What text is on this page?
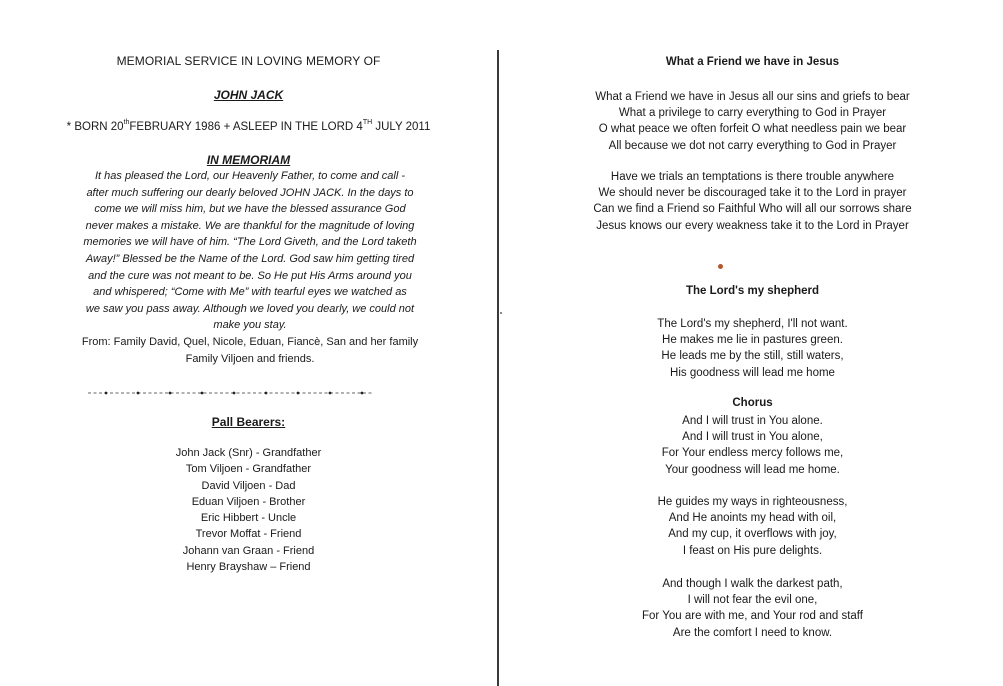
MEMORIAL SERVICE IN LOVING MEMORY OF
JOHN JACK
* BORN 20thFEBRUARY 1986 + ASLEEP IN THE LORD 4TH JULY 2011
IN MEMORIAM

It has pleased the Lord, our Heavenly Father, to come and call -

after much suffering our dearly beloved JOHN JACK. In the days to

come we will miss him, but we have the blessed assurance God

never makes a mistake. We are thankful for the magnitude of loving

memories we will have of him. “The Lord Giveth, and the Lord taketh

Away!” Blessed be the Name of the Lord. God saw him getting tired

and the cure was not meant to be. So He put His Arms around you

and whispered; “Come with Me” with tearful eyes we watched as

we saw you pass away. Although we loved you dearly, we could not

make you stay.

From: Family David, Quel, Nicole, Eduan, Fiancè, San and her family

Family Viljoen and friends.

Pall Bearers:
John Jack (Snr) - Grandfather
Tom Viljoen - Grandfather
David Viljoen - Dad
Eduan Viljoen - Brother
Eric Hibbert - Uncle
Trevor Moffat - Friend
Johann van Graan - Friend
Henry Brayshaw – Friend
What a Friend we have in Jesus
What a Friend we have in Jesus all our sins and griefs to bear
What a privilege to carry everything to God in Prayer
O what peace we often forfeit O what needless pain we bear
All because we dot not carry everything to God in Prayer
Have we trials an temptations is there trouble anywhere
We should never be discouraged take it to the Lord in prayer
Can we find a Friend so Faithful Who will all our sorrows share
Jesus knows our every weakness take it to the Lord in Prayer
The Lord's my shepherd
The Lord's my shepherd, I'll not want.
He makes me lie in pastures green.
He leads me by the still, still waters,
His goodness will lead me home
Chorus
And I will trust in You alone.
And I will trust in You alone,
For Your endless mercy follows me,
Your goodness will lead me home.
He guides my ways in righteousness,
And He anoints my head with oil,
And my cup, it overflows with joy,
I feast on His pure delights.
And though I walk the darkest path,
I will not fear the evil one,
For You are with me, and Your rod and staff
Are the comfort I need to know.
